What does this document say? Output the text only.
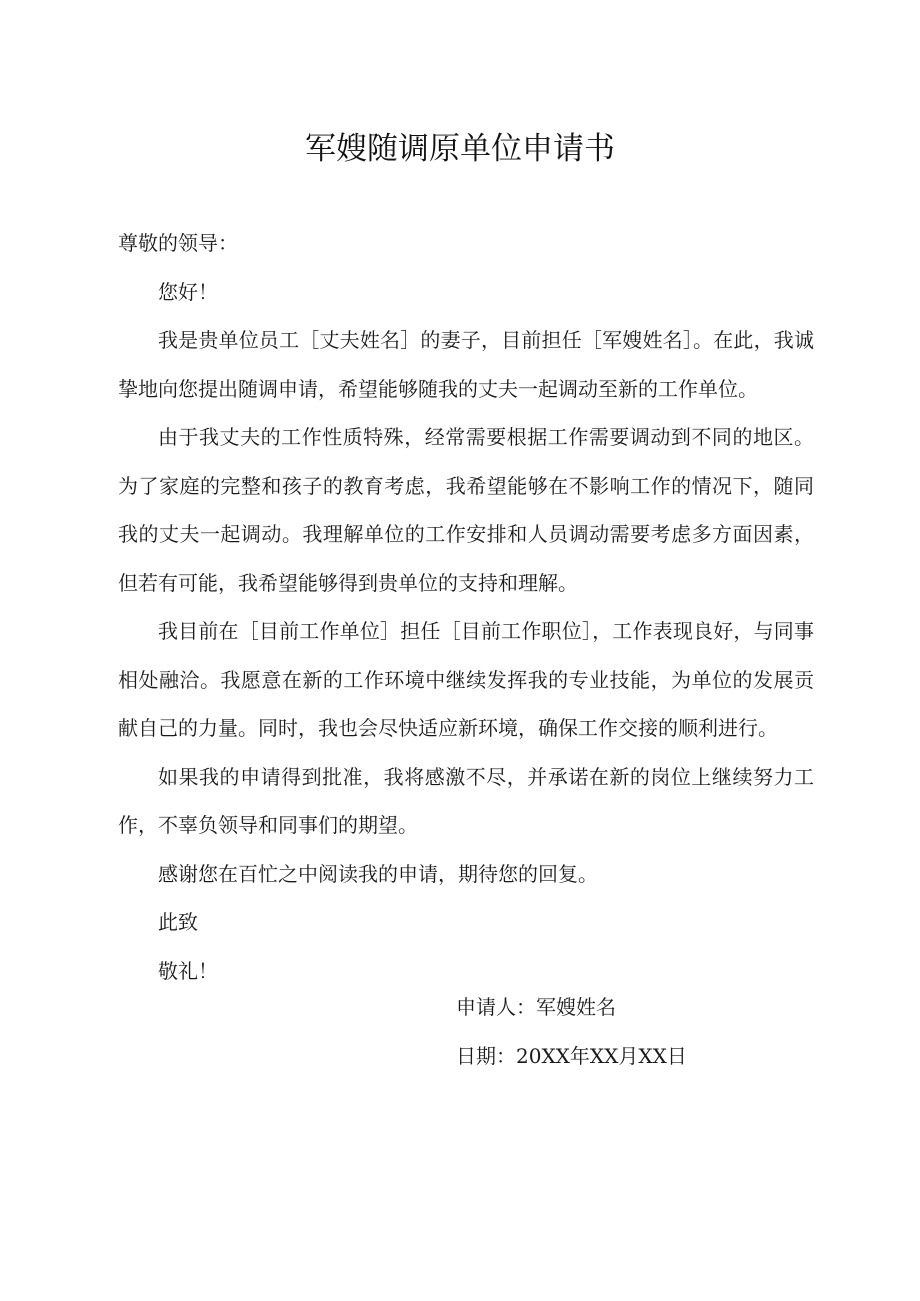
军嫂随调原单位申请书

尊敬的领导：

您好！

我是贵单位员工［丈夫姓名］的妻子，目前担任［军嫂姓名］。在此，我诚挚地向您提出随调申请，希望能够随我的丈夫一起调动至新的工作单位。

由于我丈夫的工作性质特殊，经常需要根据工作需要调动到不同的地区。为了家庭的完整和孩子的教育考虑，我希望能够在不影响工作的情况下，随同我的丈夫一起调动。我理解单位的工作安排和人员调动需要考虑多方面因素，但若有可能，我希望能够得到贵单位的支持和理解。

我目前在［目前工作单位］担任［目前工作职位］，工作表现良好，与同事相处融洽。我愿意在新的工作环境中继续发挥我的专业技能，为单位的发展贡献自己的力量。同时，我也会尽快适应新环境，确保工作交接的顺利进行。

如果我的申请得到批准，我将感激不尽，并承诺在新的岗位上继续努力工作，不辜负领导和同事们的期望。

感谢您在百忙之中阅读我的申请，期待您的回复。

此致

敬礼！

申请人：军嫂姓名

日期：20XX年XX月XX日
